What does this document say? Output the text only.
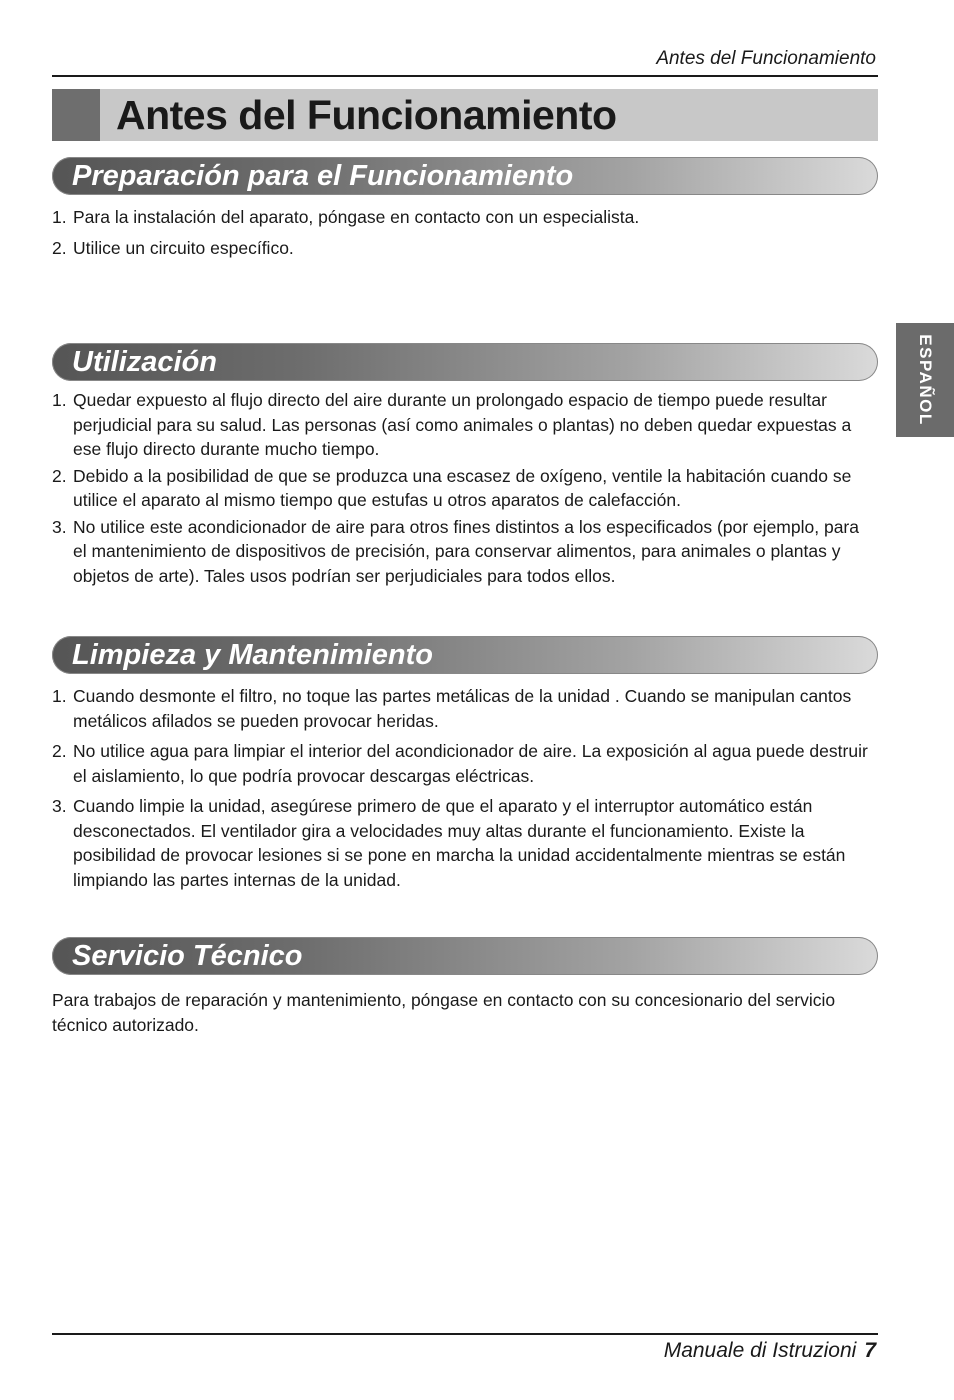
Antes del Funcionamiento
Antes del Funcionamiento
Preparación para el Funcionamiento
1. Para la instalación del aparato, póngase en contacto con un especialista.
2. Utilice un circuito específico.
Utilización
1. Quedar expuesto al flujo directo del aire durante un prolongado espacio de tiempo puede resultar perjudicial para su salud. Las personas (así como animales o plantas) no deben quedar expuestas a ese flujo directo durante mucho tiempo.
2. Debido a la posibilidad de que se produzca una escasez de oxígeno, ventile la habitación cuando se utilice el aparato al mismo tiempo que estufas u otros aparatos de calefacción.
3. No utilice este acondicionador de aire para otros fines distintos a los especificados (por ejemplo, para el mantenimiento de dispositivos de precisión, para conservar alimentos, para animales o plantas y objetos de arte). Tales usos podrían ser perjudiciales para todos ellos.
Limpieza y Mantenimiento
1. Cuando desmonte el filtro, no toque las partes metálicas de la unidad . Cuando se manipulan cantos metálicos afilados se pueden provocar heridas.
2. No utilice agua para limpiar el interior del acondicionador de aire. La exposición al agua puede destruir el aislamiento, lo que podría provocar descargas eléctricas.
3. Cuando limpie la unidad, asegúrese primero de que el aparato y el interruptor automático están desconectados. El ventilador gira a velocidades muy altas durante el funcionamiento. Existe la posibilidad de provocar lesiones si se pone en marcha la unidad accidentalmente mientras se están limpiando las partes internas de la unidad.
Servicio Técnico
Para trabajos de reparación y mantenimiento, póngase en contacto con su concesionario del servicio técnico autorizado.
ESPAÑOL
Manuale di Istruzioni 7
